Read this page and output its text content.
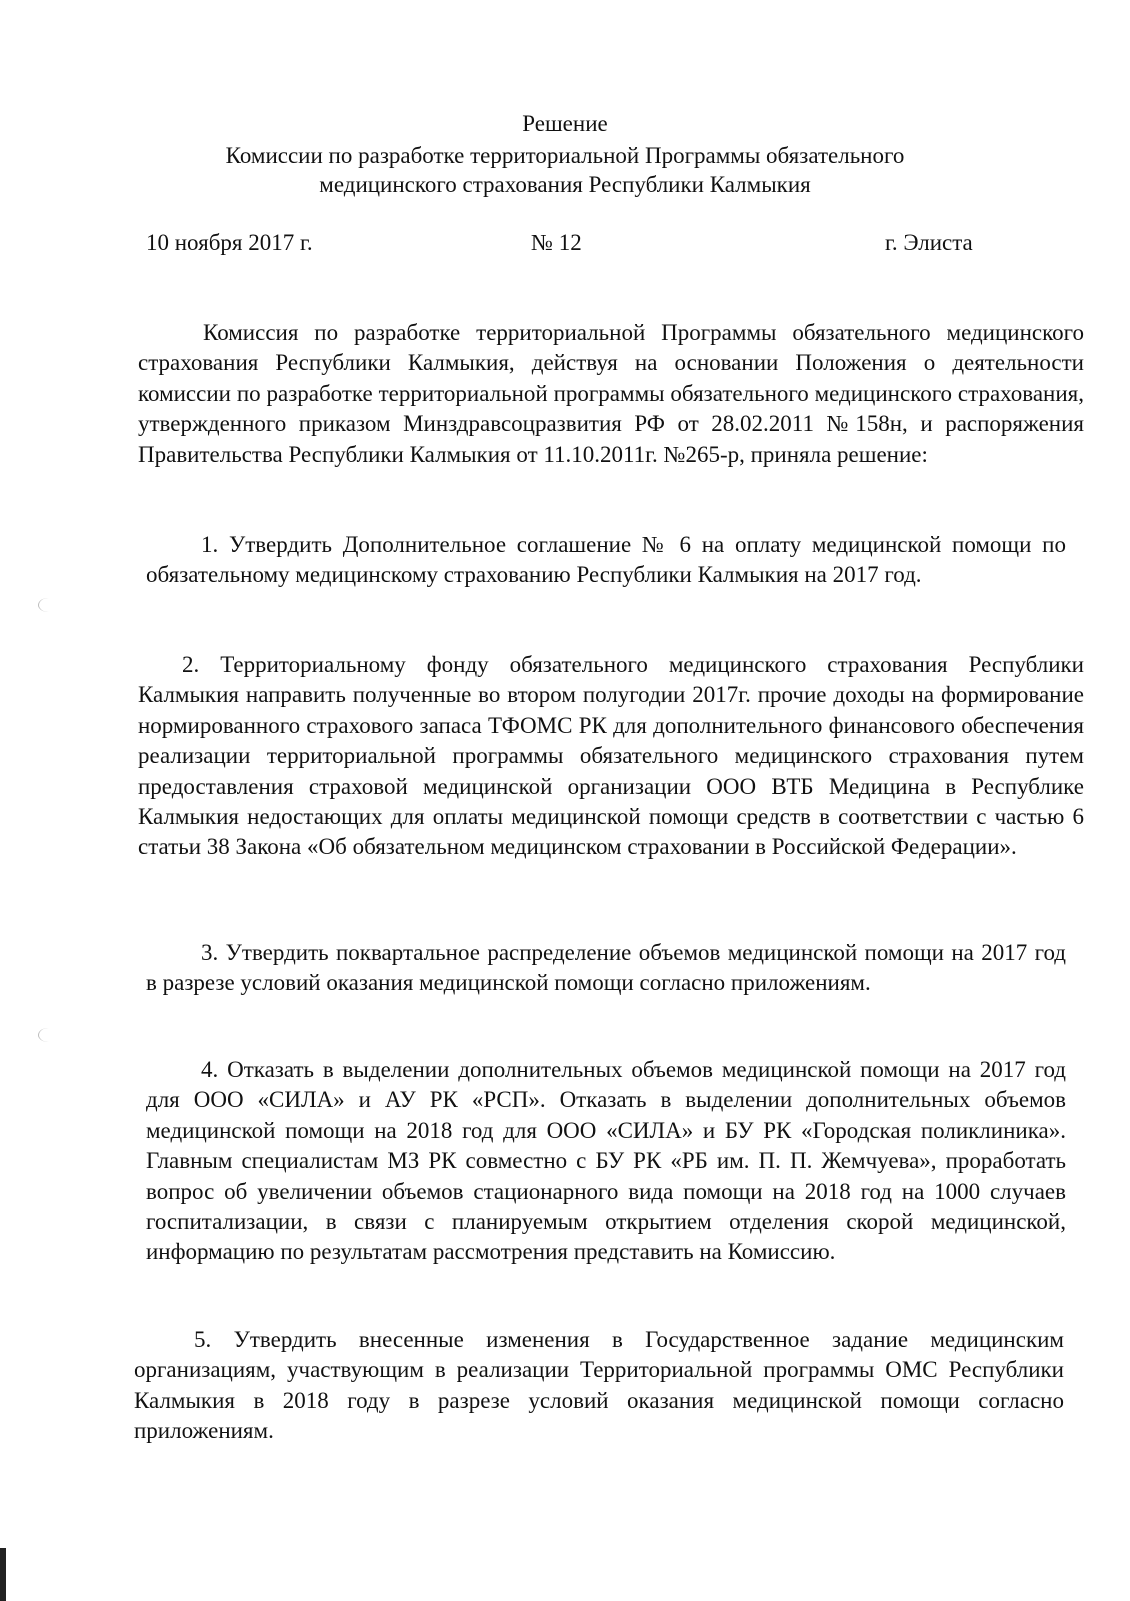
Решение
Комиссии по разработке территориальной Программы обязательного
медицинского страхования Республики Калмыкия
10 ноября 2017 г.	№ 12	г. Элиста

Комиссия по разработке территориальной Программы обязательного медицинского страхования Республики Калмыкия, действуя на основании Положения о деятельности комиссии по разработке территориальной программы обязательного медицинского страхования, утвержденного приказом Минздравсоцразвития РФ от 28.02.2011 №158н, и распоряжения Правительства Республики Калмыкия от 11.10.2011г. №265-р, приняла решение:

1. Утвердить Дополнительное соглашение № 6 на оплату медицинской помощи по обязательному медицинскому страхованию Республики Калмыкия на 2017 год.

2. Территориальному фонду обязательного медицинского страхования Республики Калмыкия направить полученные во втором полугодии 2017г. прочие доходы на формирование нормированного страхового запаса ТФОМС РК для дополнительного финансового обеспечения реализации территориальной программы обязательного медицинского страхования путем предоставления страховой медицинской организации ООО ВТБ Медицина в Республике Калмыкия недостающих для оплаты медицинской помощи средств в соответствии с частью 6 статьи 38 Закона «Об обязательном медицинском страховании в Российской Федерации».

3. Утвердить поквартальное распределение объемов медицинской помощи на 2017 год в разрезе условий оказания медицинской помощи согласно приложениям.

4. Отказать в выделении дополнительных объемов медицинской помощи на 2017 год для ООО «СИЛА» и АУ РК «РСП». Отказать в выделении дополнительных объемов медицинской помощи на 2018 год для ООО «СИЛА» и БУ РК «Городская поликлиника». Главным специалистам МЗ РК совместно с БУ РК «РБ им. П. П. Жемчуева», проработать вопрос об увеличении объемов стационарного вида помощи на 2018 год на 1000 случаев госпитализации, в связи с планируемым открытием отделения скорой медицинской, информацию по результатам рассмотрения представить на Комиссию.

5. Утвердить внесенные изменения в Государственное задание медицинским организациям, участвующим в реализации Территориальной программы ОМС Республики Калмыкия в 2018 году в разрезе условий оказания медицинской помощи согласно приложениям.
